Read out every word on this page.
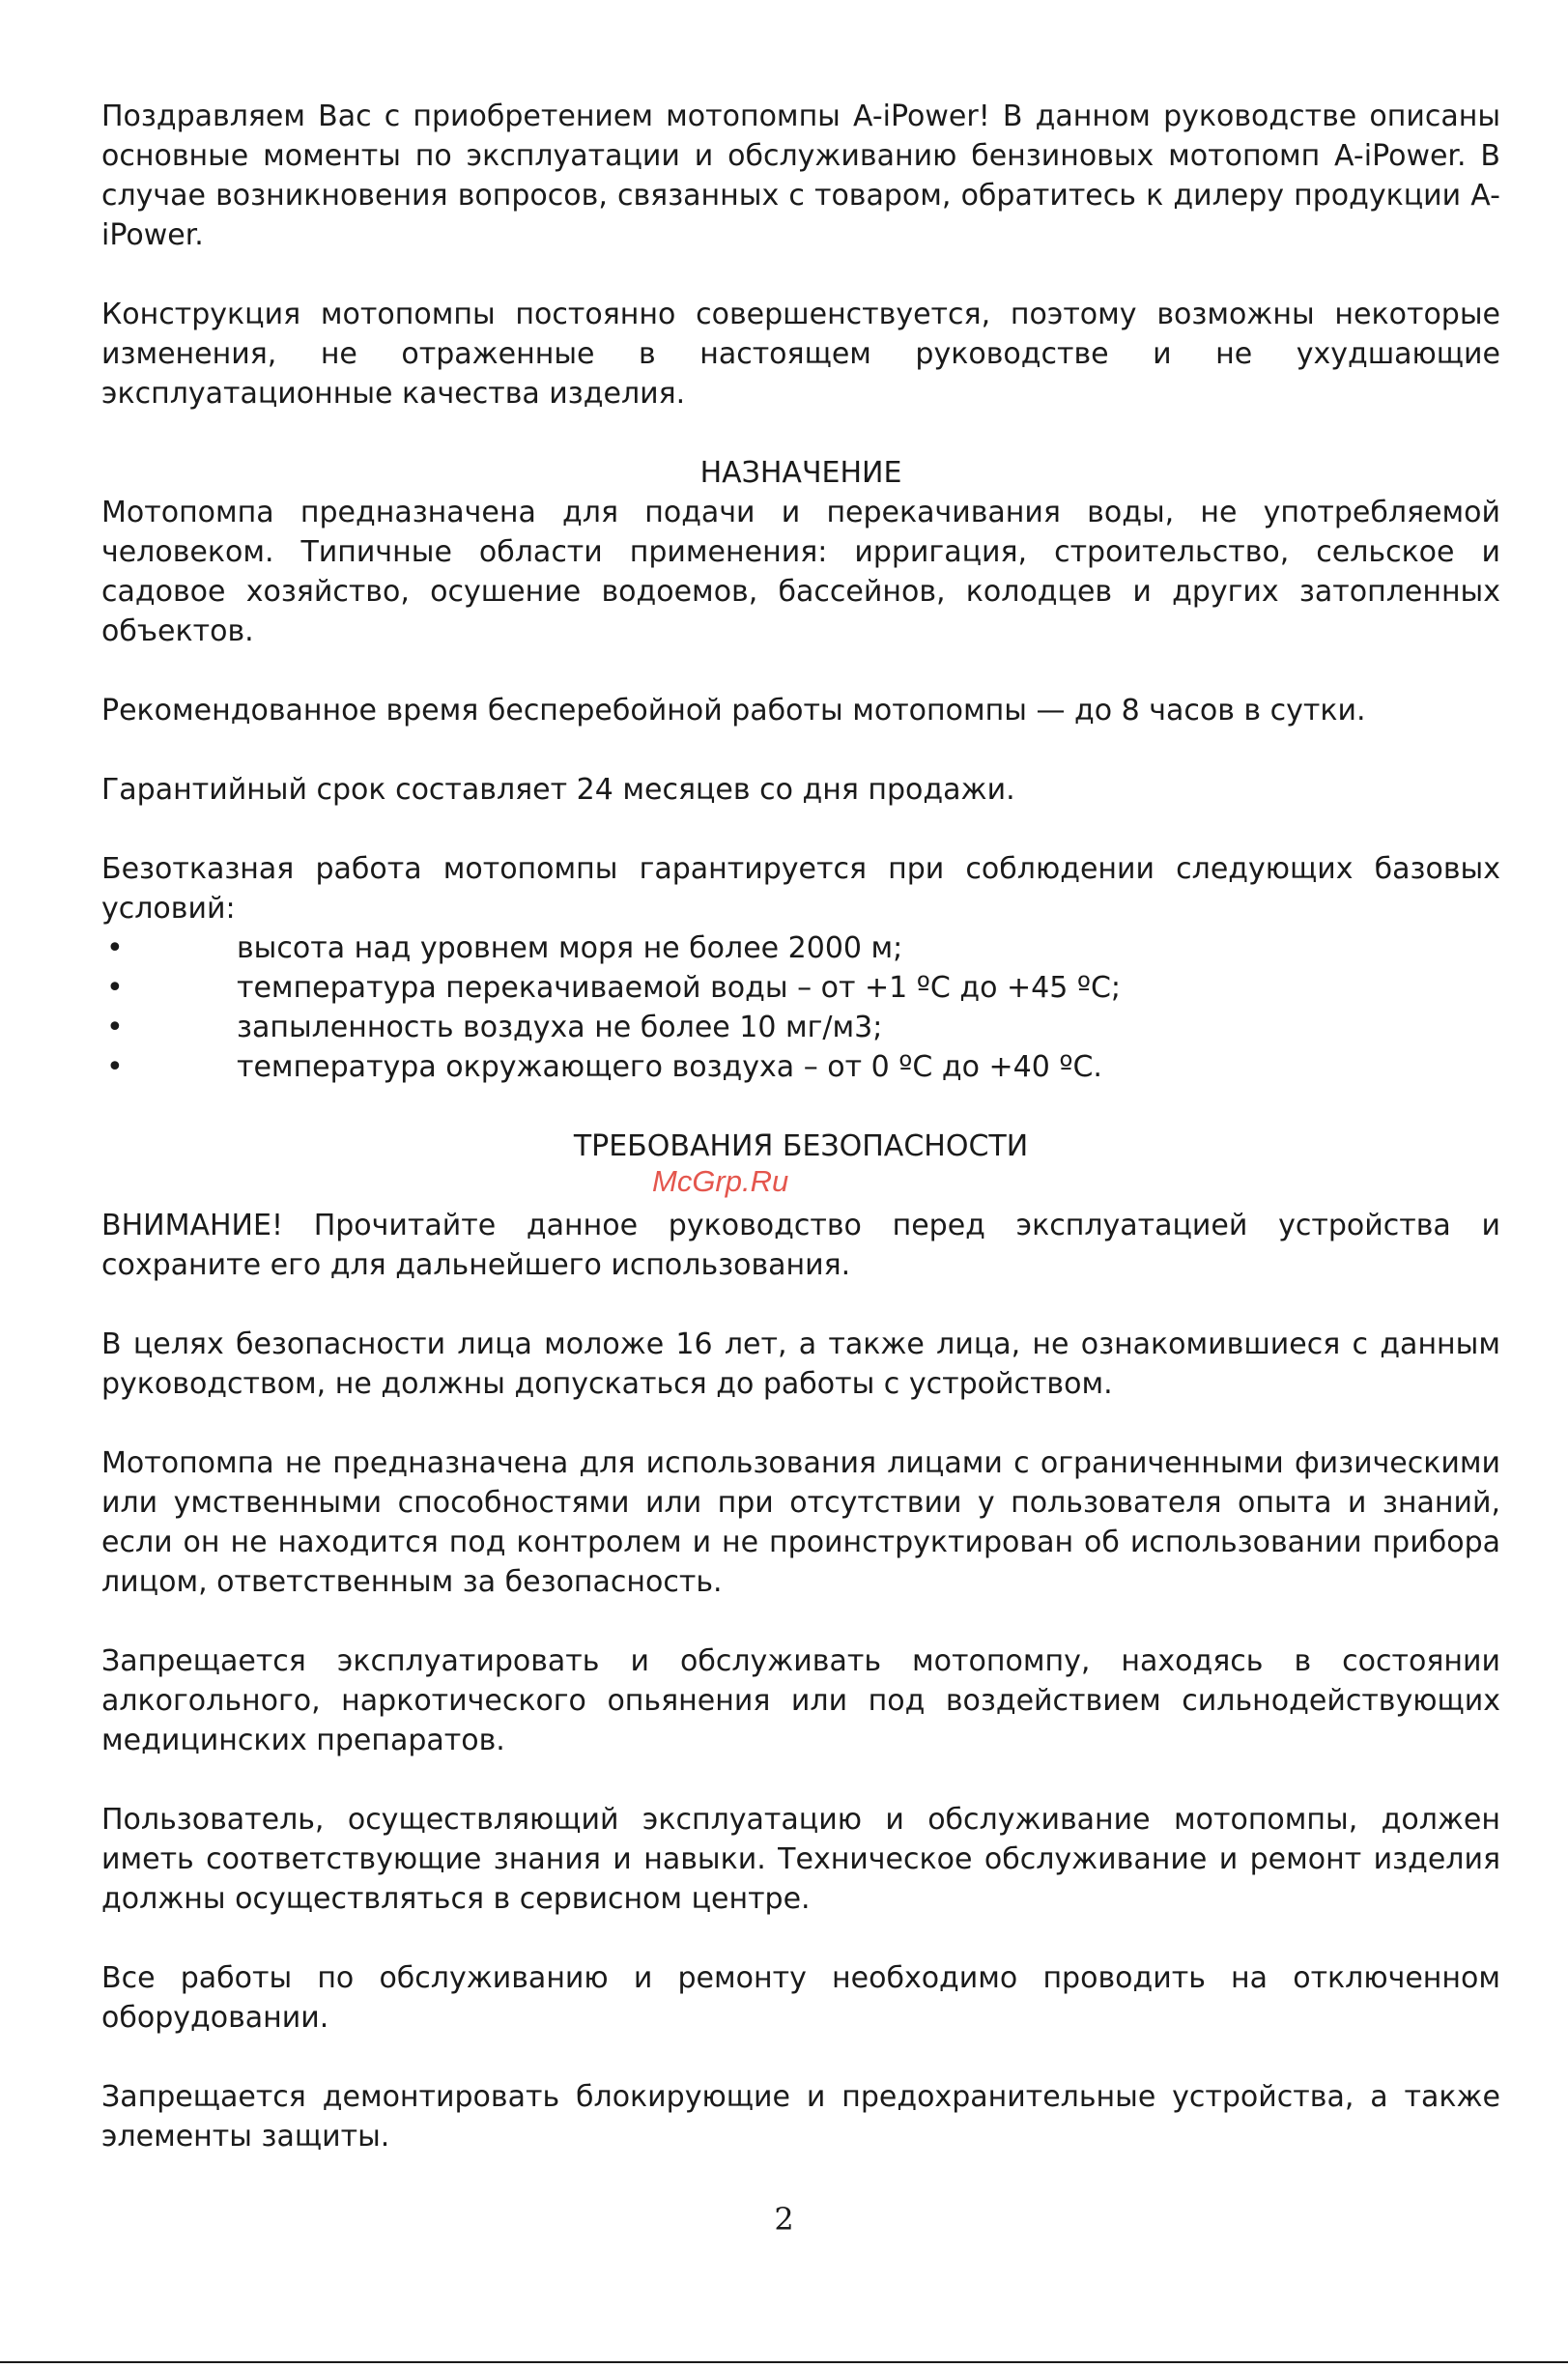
Поздравляем Вас с приобретением мотопомпы A-iPower! В данном руководстве описаны основные моменты по эксплуатации и обслуживанию бензиновых мотопомп A-iPower. В случае возникновения вопросов, связанных с товаром, обратитесь к дилеру продукции A-iPower.

Конструкция мотопомпы постоянно совершенствуется, поэтому возможны некоторые изменения, не отраженные в настоящем руководстве и не ухудшающие эксплуатационные качества изделия.

НАЗНАЧЕНИЕ

Мотопомпа предназначена для подачи и перекачивания воды, не употребляемой человеком. Типичные области применения: ирригация, строительство, сельское и садовое хозяйство, осушение водоемов, бассейнов, колодцев и других затопленных объектов.

Рекомендованное время бесперебойной работы мотопомпы — до 8 часов в сутки.

Гарантийный срок составляет 24 месяцев со дня продажи.

Безотказная работа мотопомпы гарантируется при соблюдении следующих базовых условий:

•	высота над уровнем моря не более 2000 м;
•	температура перекачиваемой воды – от +1 ºС до +45 ºС;
•	запыленность воздуха не более 10 мг/м3;
•	температура окружающего воздуха – от 0 ºС до +40 ºС.
ТРЕБОВАНИЯ БЕЗОПАСНОСТИ

ВНИМАНИЕ! Прочитайте данное руководство перед эксплуатацией устройства и сохраните его для дальнейшего использования.

В целях безопасности лица моложе 16 лет, а также лица, не ознакомившиеся с данным руководством, не должны допускаться до работы с устройством.

Мотопомпа не предназначена для использования лицами с ограниченными физическими или умственными способностями или при отсутствии у пользователя опыта и знаний, если он не находится под контролем и не проинструктирован об использовании прибора лицом, ответственным за безопасность.

Запрещается эксплуатировать и обслуживать мотопомпу, находясь в состоянии алкогольного, наркотического опьянения или под воздействием сильнодействующих медицинских препаратов.

Пользователь, осуществляющий эксплуатацию и обслуживание мотопомпы, должен иметь соответствующие знания и навыки. Техническое обслуживание и ремонт изделия должны осуществляться в сервисном центре.

Все работы по обслуживанию и ремонту необходимо проводить на отключенном оборудовании.

Запрещается демонтировать блокирующие и предохранительные устройства, а также элементы защиты.

McGrp.Ru
2
